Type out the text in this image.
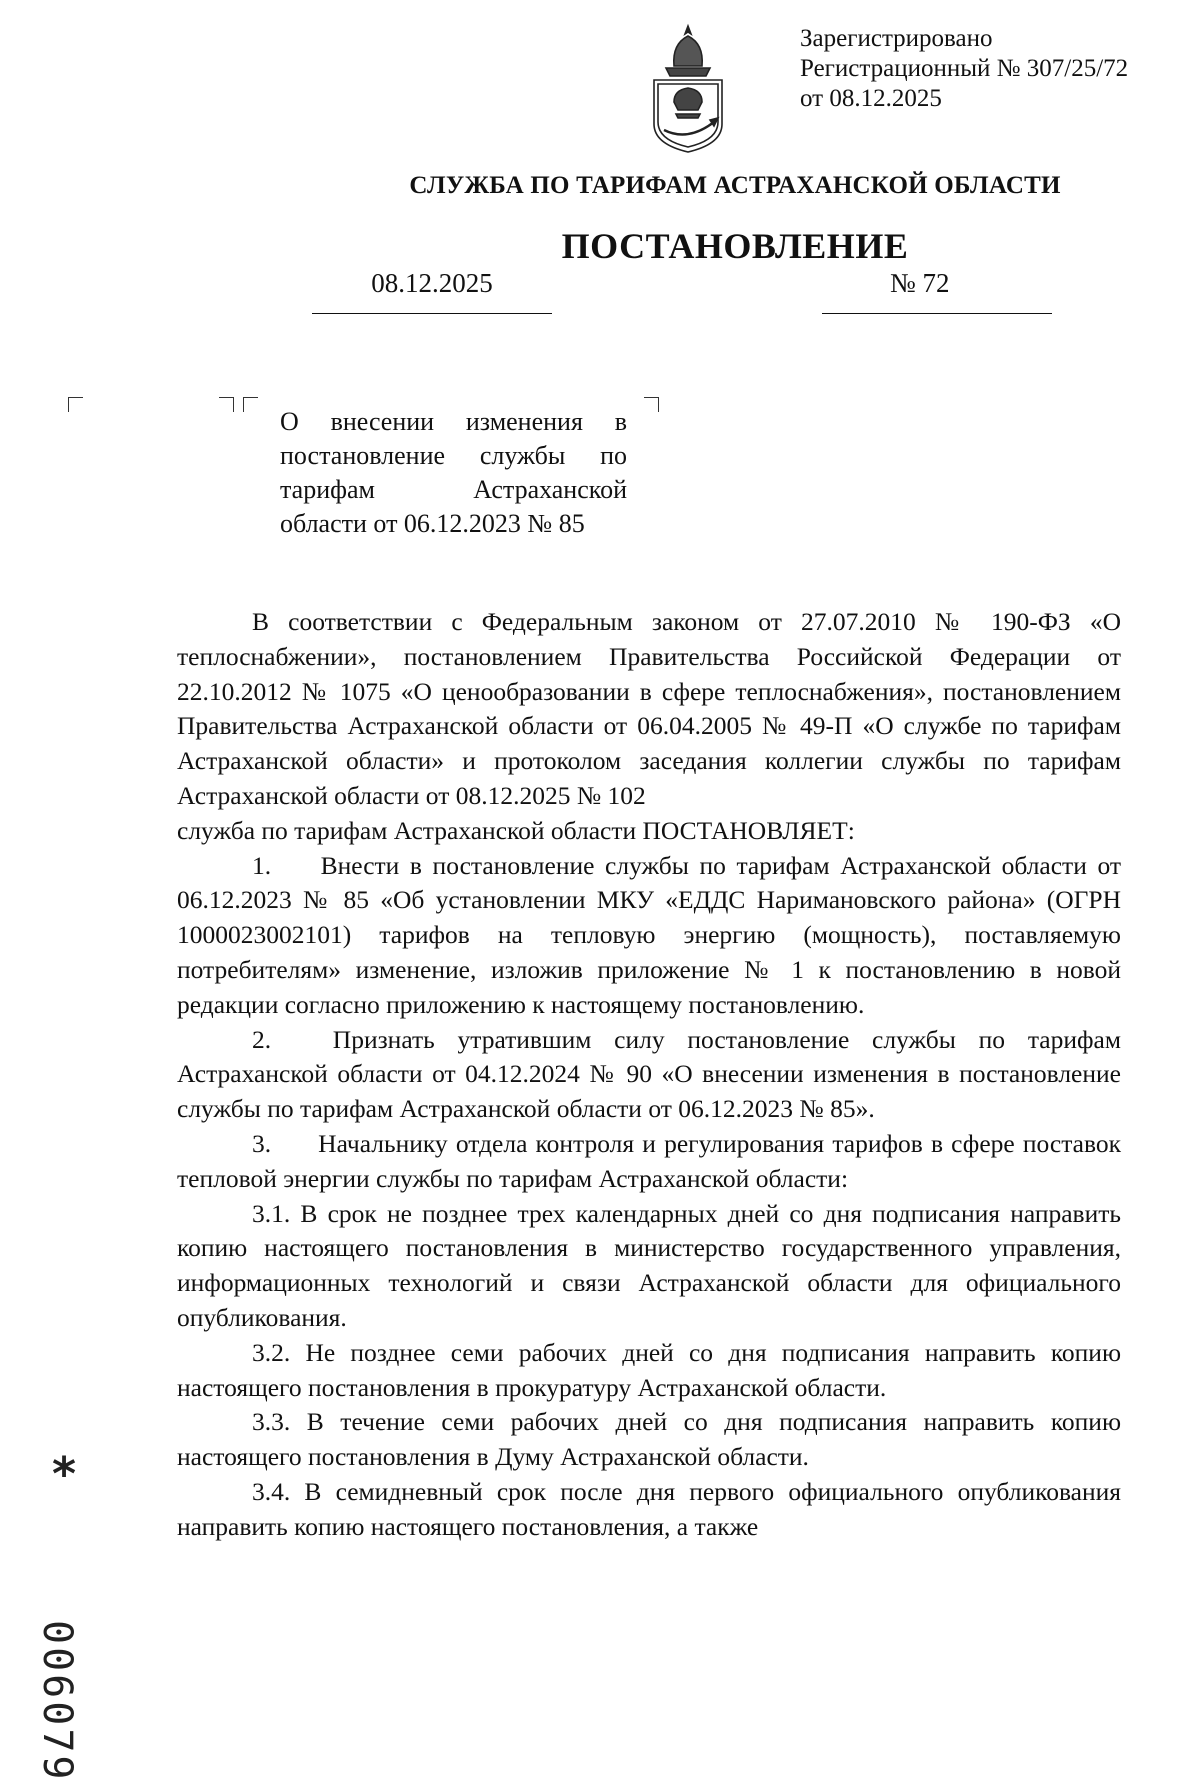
Зарегистрировано
Регистрационный № 307/25/72
от 08.12.2025
СЛУЖБА ПО ТАРИФАМ АСТРАХАНСКОЙ ОБЛАСТИ
ПОСТАНОВЛЕНИЕ
08.12.2025	№ 72
О внесении изменения в
постановление службы по
тарифам Астраханской
области от 06.12.2023 № 85

В соответствии с Федеральным законом от 27.07.2010 № 190-ФЗ «О теплоснабжении», постановлением Правительства Российской Федерации от 22.10.2012 № 1075 «О ценообразовании в сфере теплоснабжения», постановлением Правительства Астраханской области от 06.04.2005 № 49-П «О службе по тарифам Астраханской области» и протоколом заседания коллегии службы по тарифам Астраханской области от 08.12.2025 № 102

служба по тарифам Астраханской области ПОСТАНОВЛЯЕТ:

1. Внести в постановление службы по тарифам Астраханской области от 06.12.2023 № 85 «Об установлении МКУ «ЕДДС Наримановского района» (ОГРН 1000023002101) тарифов на тепловую энергию (мощность), поставляемую потребителям» изменение, изложив приложение № 1 к постановлению в новой редакции согласно приложению к настоящему постановлению.

2. Признать утратившим силу постановление службы по тарифам Астраханской области от 04.12.2024 № 90 «О внесении изменения в постановление службы по тарифам Астраханской области от 06.12.2023 № 85».

3. Начальнику отдела контроля и регулирования тарифов в сфере поставок тепловой энергии службы по тарифам Астраханской области:

3.1. В срок не позднее трех календарных дней со дня подписания направить копию настоящего постановления в министерство государственного управления, информационных технологий и связи Астраханской области для официального опубликования.

3.2. Не позднее семи рабочих дней со дня подписания направить копию настоящего постановления в прокуратуру Астраханской области.

3.3. В течение семи рабочих дней со дня подписания направить копию настоящего постановления в Думу Астраханской области.

3.4. В семидневный срок после дня первого официального опубликования направить копию настоящего постановления, а также

*
006079
